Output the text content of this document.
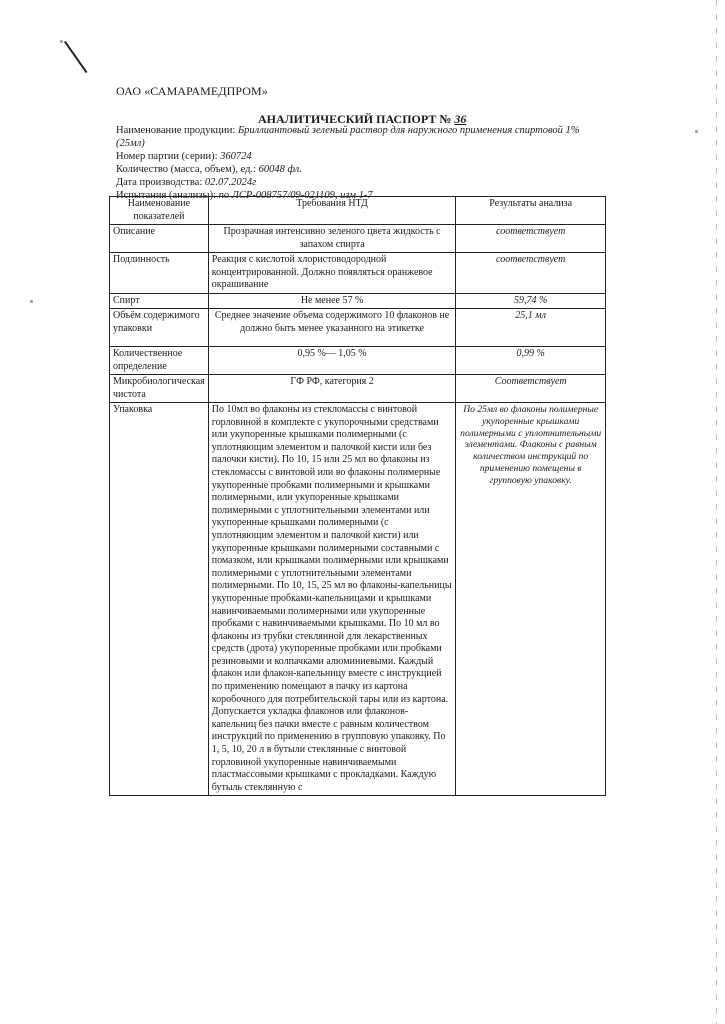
ОАО «САМАРАМЕДПРОМ»
АНАЛИТИЧЕСКИЙ ПАСПОРТ № 36
Наименование продукции: Бриллиантовый зеленый раствор для наружного применения спиртовой 1% (25мл)
Номер партии (серии): 360724
Количество (масса, объем), ед.: 60048 фл.
Дата производства: 02.07.2024г
Испытания (анализы): по ЛСР-008757/09-021109, изм 1-7
Наименование показателей	Требования НТД	Результаты анализа
Описание	Прозрачная интенсивно зеленого цвета жидкость с запахом спирта	соответствует
Подлинность	Реакция с кислотой хлористоводородной концентрированной. Должно появляться оранжевое окрашивание	соответствует
Спирт	Не менее 57 %	59,74 %
Объём содержимого упаковки	Среднее значение объема содержимого 10 флаконов не должно быть менее указанного на этикетке	25,1 мл
Количественное определение	0,95 %— 1,05 %	0,99 %
Микробиологическая чистота	ГФ РФ, категория 2	Соответствует
Упаковка	По 10мл во флаконы из стекломассы с винтовой горловиной в комплекте с укупорочными средствами или укупоренные крышками полимерными (с уплотняющим элементом и палочкой кисти или без палочки кисти). По 10, 15 или 25 мл во флаконы из стекломассы с винтовой или во флаконы полимерные укупоренные пробками полимерными и крышками полимерными, или укупоренные крышками полимерными с уплотнительными элементами или укупоренные крышками полимерными (с уплотняющим элементом и палочкой кисти) или укупоренные крышками полимерными составными с помазком, или крышками полимерными или крышками полимерными с уплотнительными элементами полимерными. По 10, 15, 25 мл во флаконы-капельницы укупоренные пробками-капельницами и крышками навинчиваемыми полимерными или укупоренные пробками с навинчиваемыми крышками. По 10 мл во флаконы из трубки стеклянной для лекарственных средств (дрота) укупоренные пробками или пробками резиновыми и колпачками алюминиевыми. Каждый флакон или флакон-капельницу вместе с инструкцией по применению помещают в пачку из картона коробочного для потребительской тары или из картона. Допускается укладка флаконов или флаконов-капельниц без пачки вместе с равным количеством инструкций по применению в групповую упаковку. По 1, 5, 10, 20 л в бутыли стеклянные с винтовой горловиной укупоренные навинчиваемыми пластмассовыми крышками с прокладками. Каждую бутыль стеклянную с	По 25мл во флаконы полимерные укупоренные крышками полимерными с уплотнительными элементами. Флаконы с равным количеством инструкций по применению помещены в групповую упаковку.
